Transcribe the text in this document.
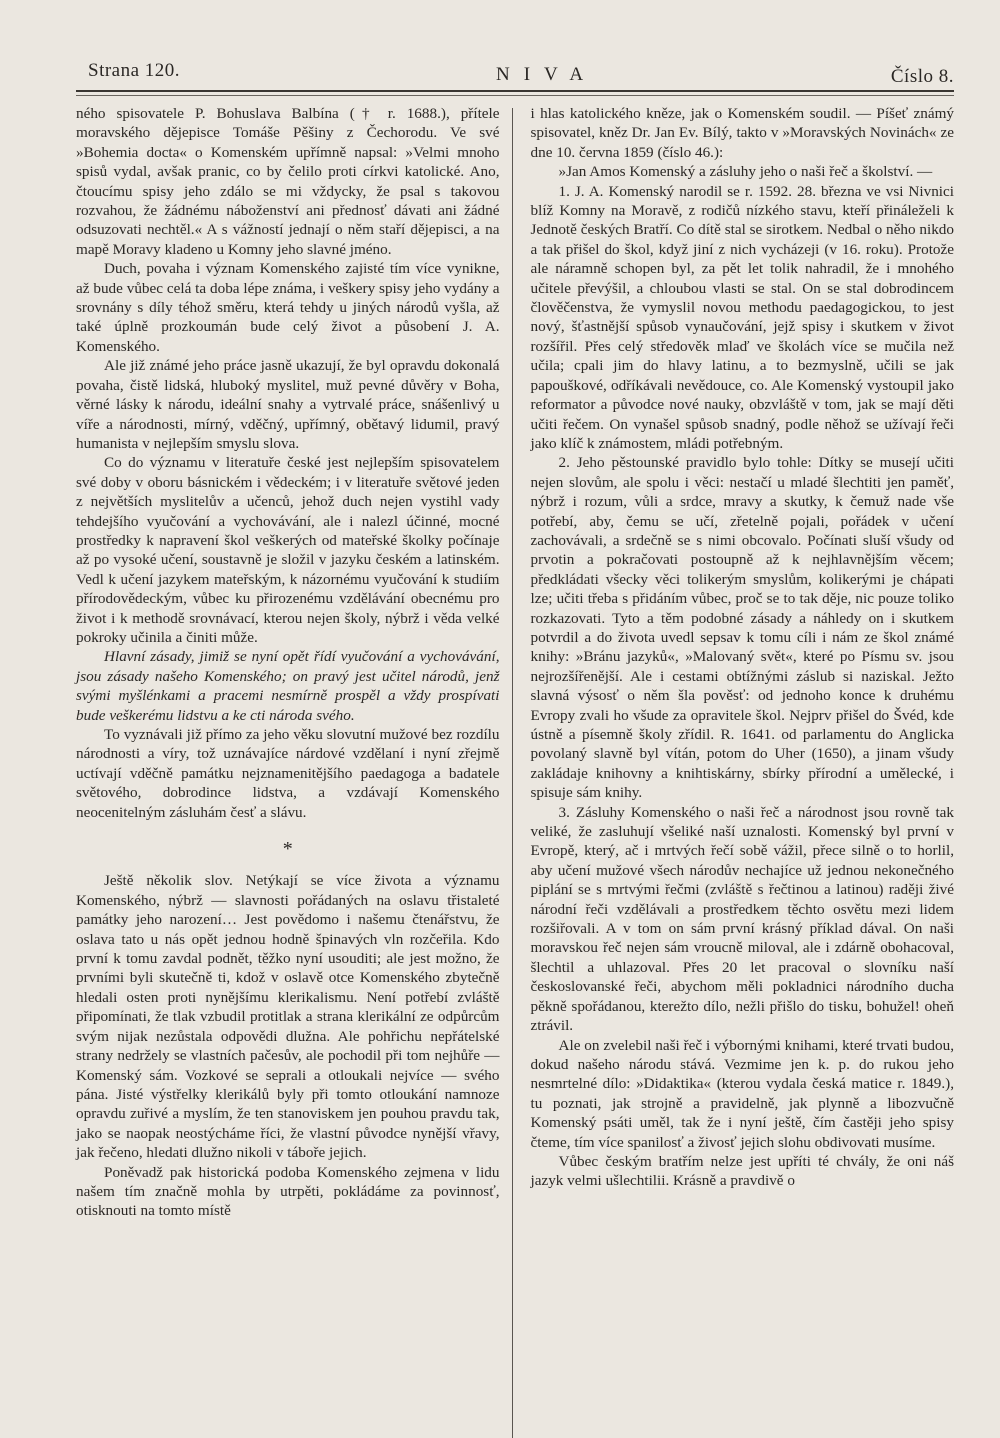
Strana 120.	NIVA	Číslo 8.

ného spisovatele P. Bohuslava Balbína († r. 1688.), přítele moravského dějepisce Tomáše Pěšiny z Čechorodu. Ve své »Bohemia docta« o Komenském upřímně napsal: »Velmi mnoho spisů vydal, avšak pranic, co by čelilo proti církvi katolické. Ano, čtoucímu spisy jeho zdálo se mi vždycky, že psal s takovou rozvahou, že žádnému náboženství ani přednosť dávati ani žádné odsuzovati nechtěl.« A s vážností jednají o něm staří dějepisci, a na mapě Moravy kladeno u Komny jeho slavné jméno.

Duch, povaha i význam Komenského zajisté tím více vynikne, až bude vůbec celá ta doba lépe známa, i veškery spisy jeho vydány a srovnány s díly téhož směru, která tehdy u jiných národů vyšla, až také úplně prozkoumán bude celý život a působení J. A. Komenského.

Ale již známé jeho práce jasně ukazují, že byl opravdu dokonalá povaha, čistě lidská, hluboký myslitel, muž pevné důvěry v Boha, věrné lásky k národu, ideální snahy a vytrvalé práce, snášenlivý u víře a národnosti, mírný, vděčný, upřímný, obětavý lidumil, pravý humanista v nejlepším smyslu slova.

Co do významu v literatuře české jest nejlepším spisovatelem své doby v oboru básnickém i vědeckém; i v literatuře světové jeden z největších myslitelův a učenců, jehož duch nejen vystihl vady tehdejšího vyučování a vychovávání, ale i nalezl účinné, mocné prostředky k napravení škol veškerých od mateřské školky počínaje až po vysoké učení, soustavně je složil v jazyku českém a latinském. Vedl k učení jazykem mateřským, k názornému vyučování k studiím přírodovědeckým, vůbec ku přirozenému vzdělávání obecnému pro život i k methodě srovnávací, kterou nejen školy, nýbrž i věda velké pokroky učinila a činiti může.

Hlavní zásady, jimiž se nyní opět řídí vyučování a vychovávání, jsou zásady našeho Komenského; on pravý jest učitel národů, jenž svými myšlénkami a pracemi nesmírně prospěl a vždy prospívati bude veškerému lidstvu a ke cti národa svého.

To vyznávali již přímo za jeho věku slovutní mužové bez rozdílu národnosti a víry, tož uznávajíce nárdové vzdělaní i nyní zřejmě uctívají vděčně památku nejznamenitějšího paedagoga a badatele světového, dobrodince lidstva, a vzdávají Komenského neocenitelným zásluhám česť a slávu.

*

Ještě několik slov. Netýkají se více života a významu Komenského, nýbrž — slavnosti pořádaných na oslavu třistaleté památky jeho narození… Jest povědomo i našemu čtenářstvu, že oslava tato u nás opět jednou hodně špinavých vln rozčeřila. Kdo první k tomu zavdal podnět, těžko nyní usouditi; ale jest možno, že prvními byli skutečně ti, kdož v oslavě otce Komenského zbytečně hledali osten proti nynějšímu klerikalismu. Není potřebí zvláště připomínati, že tlak vzbudil protitlak a strana klerikální ze odpůrcům svým nijak nezůstala odpovědi dlužna. Ale pohřichu nepřátelské strany nedržely se vlastních pačesův, ale pochodil při tom nejhůře — Komenský sám. Vozkové se seprali a otloukali nejvíce — svého pána. Jisté výstřelky klerikálů byly při tomto otloukání namnoze opravdu zuřivé a myslím, že ten stanoviskem jen pouhou pravdu tak, jako se naopak neostýcháme říci, že vlastní původce nynější vřavy, jak řečeno, hledati dlužno nikoli v táboře jejich.

Poněvadž pak historická podoba Komenského zejmena v lidu našem tím značně mohla by utrpěti, pokládáme za povinnosť, otisknouti na tomto místě

i hlas katolického kněze, jak o Komenském soudil. — Píšeť známý spisovatel, kněz Dr. Jan Ev. Bílý, takto v »Moravských Novinách« ze dne 10. června 1859 (číslo 46.):

»Jan Amos Komenský a zásluhy jeho o naši řeč a školství. —

1. J. A. Komenský narodil se r. 1592. 28. března ve vsi Nivnici blíž Komny na Moravě, z rodičů nízkého stavu, kteří přináleželi k Jednotě českých Bratří. Co dítě stal se sirotkem. Nedbal o něho nikdo a tak přišel do škol, když jiní z nich vycházeji (v 16. roku). Protože ale náramně schopen byl, za pět let tolik nahradil, že i mnohého učitele převýšil, a chloubou vlasti se stal. On se stal dobrodincem člověčenstva, že vymyslil novou methodu paedagogickou, to jest nový, šťastnější spůsob vynaučování, jejž spisy i skutkem v život rozšířil. Přes celý středověk mlaď ve školách více se mučila než učila; cpali jim do hlavy latinu, a to bezmyslně, učili se jak papouškové, odříkávali nevědouce, co. Ale Komenský vystoupil jako reformator a původce nové nauky, obzvláště v tom, jak se mají děti učiti řečem. On vynašel spůsob snadný, podle něhož se užívají řeči jako klíč k známostem, mládi potřebným.

2. Jeho pěstounské pravidlo bylo tohle: Dítky se musejí učiti nejen slovům, ale spolu i věci: nestačí u mladé šlechtiti jen paměť, nýbrž i rozum, vůli a srdce, mravy a skutky, k čemuž nade vše potřebí, aby, čemu se učí, zřetelně pojali, pořádek v učení zachovávali, a srdečně se s nimi obcovalo. Počínati sluší všudy od prvotin a pokračovati postoupně až k nejhlavnějším věcem; předkládati všecky věci tolikerým smyslům, kolikerými je chápati lze; učiti třeba s přidáním vůbec, proč se to tak děje, nic pouze toliko rozkazovati. Tyto a těm podobné zásady a náhledy on i skutkem potvrdil a do života uvedl sepsav k tomu cíli i nám ze škol známé knihy: »Bránu jazyků«, »Malovaný svět«, které po Písmu sv. jsou nejrozšířenější. Ale i cestami obtížnými záslub si naziskal. Ježto slavná výsosť o něm šla pověsť: od jednoho konce k druhému Evropy zvali ho všude za opravitele škol. Nejprv přišel do Švéd, kde ústně a písemně školy zřídil. R. 1641. od parlamentu do Anglicka povolaný slavně byl vítán, potom do Uher (1650), a jinam všudy zakládaje knihovny a knihtiskárny, sbírky přírodní a umělecké, i spisuje sám knihy.

3. Zásluhy Komenského o naši řeč a národnost jsou rovně tak veliké, že zasluhují všeliké naší uznalosti. Komenský byl první v Evropě, který, ač i mrtvých řečí sobě vážil, přece silně o to horlil, aby učení mužové všech národův nechajíce už jednou nekonečného piplání se s mrtvými řečmi (zvláště s řečtinou a latinou) raději živé národní řeči vzdělávali a prostředkem těchto osvětu mezi lidem rozšiřovali. A v tom on sám první krásný příklad dával. On naši moravskou řeč nejen sám vroucně miloval, ale i zdárně obohacoval, šlechtil a uhlazoval. Přes 20 let pracoval o slovníku naší českoslovanské řeči, abychom měli pokladnici národního ducha pěkně spořádanou, kterežto dílo, nežli přišlo do tisku, bohužel! oheň ztrávil.

Ale on zvelebil naši řeč i výbornými knihami, které trvati budou, dokud našeho národu stává. Vezmime jen k. p. do rukou jeho nesmrtelné dílo: »Didaktika« (kterou vydala česká matice r. 1849.), tu poznati, jak strojně a pravidelně, jak plynně a libozvučně Komenský psáti uměl, tak že i nyní ještě, čím častěji jeho spisy čteme, tím více spanilosť a živosť jejich slohu obdivovati musíme.

Vůbec českým bratřím nelze jest upříti té chvály, že oni náš jazyk velmi ušlechtilii. Krásně a pravdivě o
